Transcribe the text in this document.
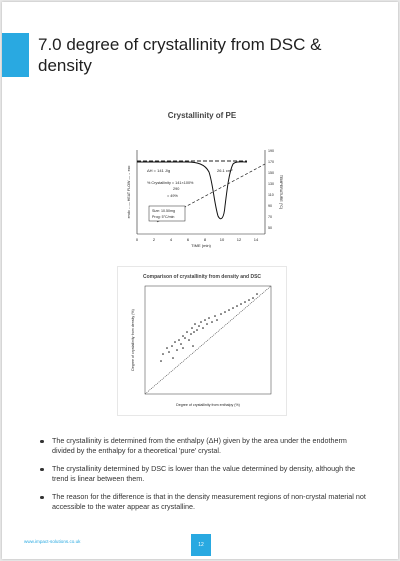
7.0 degree of crystallinity from DSC & density
Crystallinity of PE
0	2	4	6	8	10	12	14
TIME (min)
190
170
150
130
110
90
70
50
endo ←— HEAT FLOW —→ exo	TEMPERATURE (°C)
ΔH = 141 J/g	26.1 cm²
% Crystallinity = 141×100%
290
= 49%
Size: 10.50mg
Prog: 5°C/min
Comparison of crystallinity from density and DSC
Degree of crystallinity from density (%)
Degree of crystallinity from enthalpy (%)
The crystallinity is determined from the enthalpy (ΔH) given by the area under the endotherm divided by the enthalpy for a theoretical 'pure' crystal.
The crystallinity determined by DSC is lower than the value determined by density, although the trend is linear between them.
The reason for the difference is that in the density measurement regions of non-crystal material not accessible to the water appear as crystalline.
www.impact-solutions.co.uk
12
